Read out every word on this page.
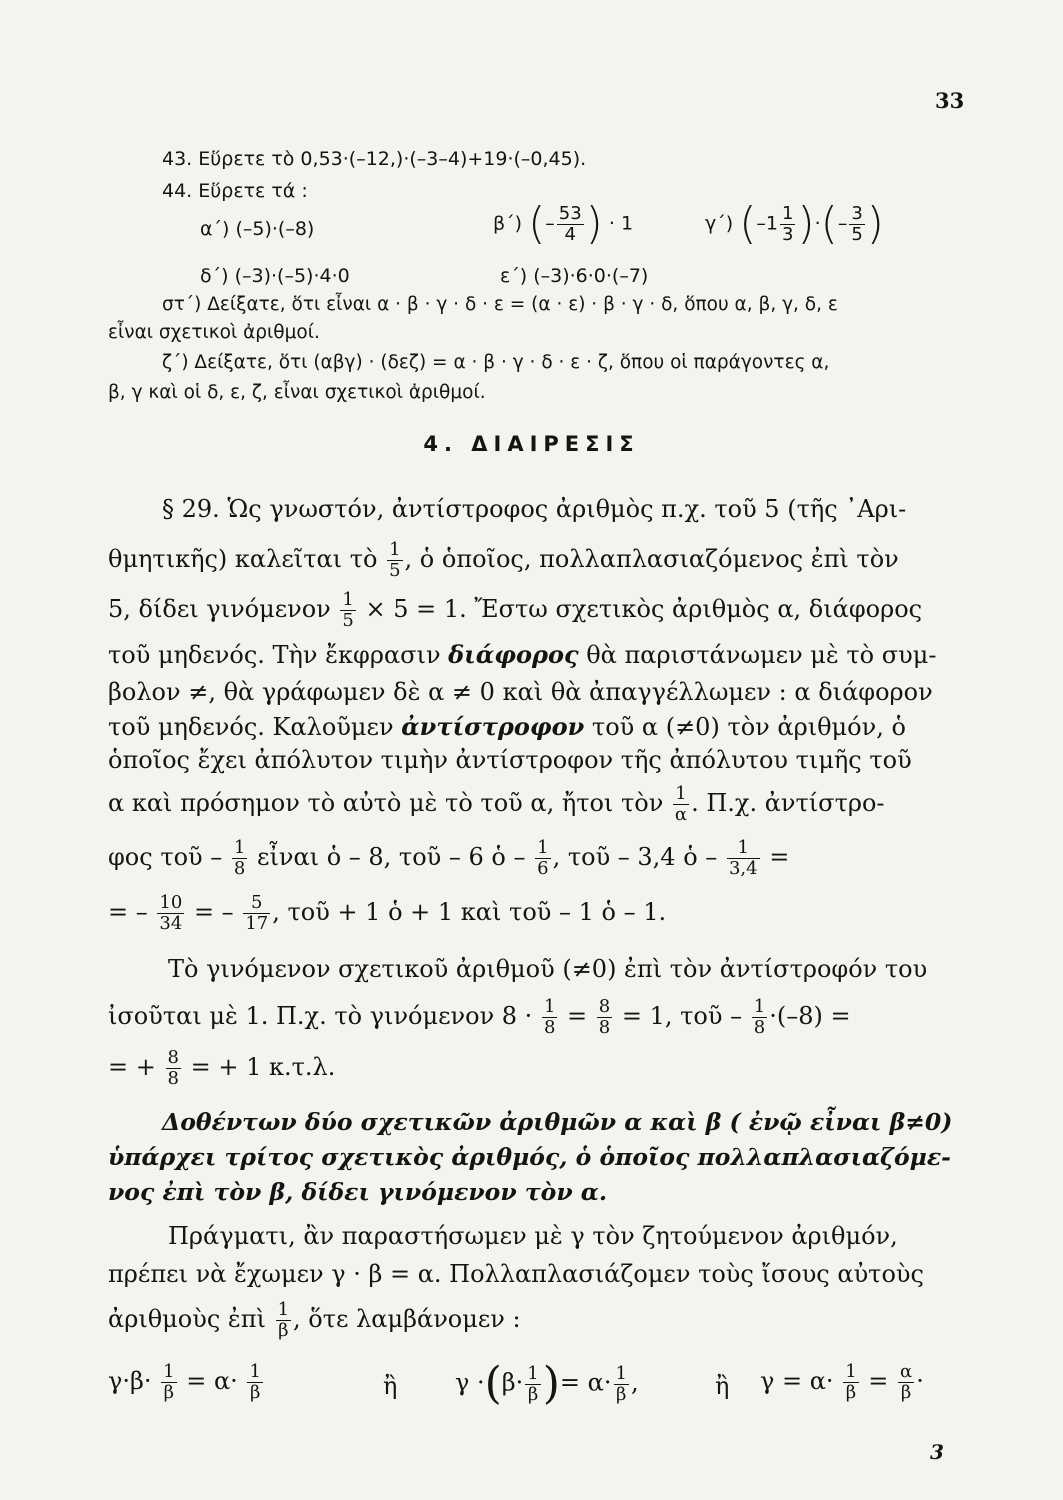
33
43. Εὕρετε τὸ 0,53·(–12,)·(–3–4)+19·(–0,45).
44. Εὕρετε τά :
α΄) (–5)·(–8)	β΄) (– $\frac{53}{4}$ ) · 1	γ΄) ($-1 \frac{1}{3}$ )·(– $\frac{3}{5}$ )
δ΄) (–3)·(–5)·4·0	ε΄) (–3)·6·0·(–7)
στ΄) Δείξατε, ὅτι εἶναι α · β · γ · δ · ε = (α · ε) · β · γ · δ, ὅπου α, β, γ, δ, ε
εἶναι σχετικοὶ ἀριθμοί.
ζ΄) Δείξατε, ὅτι (αβγ) · (δεζ) = α · β · γ · δ · ε · ζ, ὅπου οἱ παράγοντες α,
β, γ καὶ οἱ δ, ε, ζ, εἶναι σχετικοὶ ἀριθμοί.
4. ΔΙΑΙΡΕΣΙΣ
§ 29. Ὡς γνωστόν, ἀντίστροφος ἀριθμὸς π.χ. τοῦ 5 (τῆς ᾿Αρι-
θμητικῆς) καλεῖται τὸ $\frac{1}{5}$ , ὁ ὁποῖος, πολλαπλασιαζόμενος ἐπὶ τὸν
5, δίδει γινόμενον $\frac{1}{5} \times 5 = 1$. Ἔστω σχετικὸς ἀριθμὸς α, διάφορος
τοῦ μηδενός. Τὴν ἔκφρασιν διάφορος θὰ παριστάνωμεν μὲ τὸ συμ-
βολον ≠, θὰ γράφωμεν δὲ α ≠ 0 καὶ θὰ ἀπαγγέλλωμεν : α διάφορον
τοῦ μηδενός. Καλοῦμεν ἀντίστροφον τοῦ α (≠0) τὸν ἀριθμόν, ὁ
ὁποῖος ἔχει ἀπόλυτον τιμὴν ἀντίστροφον τῆς ἀπόλυτου τιμῆς τοῦ
α καὶ πρόσημον τὸ αὐτὸ μὲ τὸ τοῦ α, ἤτοι τὸν $\frac{1}{\alpha}$ . Π.χ. ἀντίστρο-
φος τοῦ – $\frac{1}{8}$ εἶναι ὁ – 8, τοῦ – 6 ὁ – $\frac{1}{6}$ , τοῦ – 3,4 ὁ – $\frac{1}{3,4}$ =
= – $\frac{10}{34}$ = – $\frac{5}{17}$ , τοῦ + 1 ὁ + 1 καὶ τοῦ – 1 ὁ – 1.
Τὸ γινόμενον σχετικοῦ ἀριθμοῦ (≠0) ἐπὶ τὸν ἀντίστροφόν του
ἰσοῦται μὲ 1. Π.χ. τὸ γινόμενον $8 \cdot \frac{1}{8} = \frac{8}{8} = 1$, τοῦ – $\frac{1}{8} \cdot(-8)$ =
= + $\frac{8}{8}$ = + 1 κ.τ.λ.
Δοθέντων δύο σχετικῶν ἀριθμῶν α καὶ β ( ἐνῷ εἶναι β≠0)
ὑπάρχει τρίτος σχετικὸς ἀριθμός, ὁ ὁποῖος πολλαπλασιαζόμε-
νος ἐπὶ τὸν β, δίδει γινόμενον τὸν α.
Πράγματι, ἂν παραστήσωμεν μὲ γ τὸν ζητούμενον ἀριθμόν,
πρέπει νὰ ἔχωμεν γ · β = α. Πολλαπλασιάζομεν τοὺς ἴσους αὐτοὺς
ἀριθμοὺς ἐπὶ $\frac{1}{\beta}$ , ὅτε λαμβάνομεν :
$\gamma\cdot\beta\cdot \frac{1}{\beta} = \alpha\cdot \frac{1}{\beta}$	ἢ $\gamma \cdot(\beta\cdot \frac{1}{\beta}$ )= $\alpha\cdot \frac{1}{\beta}$ ,	ἢ $\gamma = \alpha\cdot \frac{1}{\beta} = \frac{\alpha}{\beta}$ ·
3
